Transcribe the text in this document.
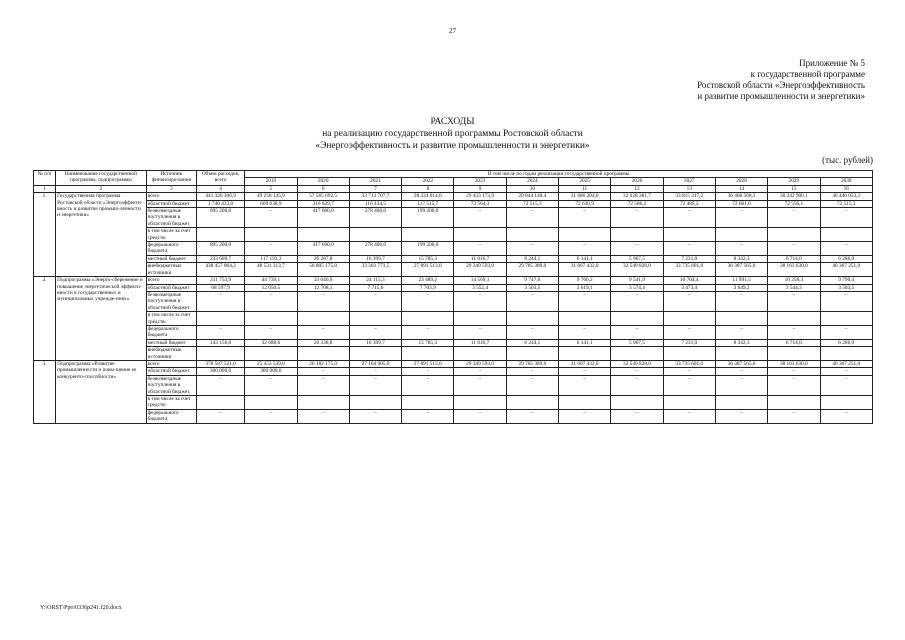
27
Приложение № 5
к государственной программе
Ростовской области «Энергоэффективность
и развитие промышленности и энергетики»
РАСХОДЫ
на реализацию государственной программы Ростовской области
«Энергоэффективность и развитие промышленности и энергетики»
(тыс. рублей)
№ п/п	Наименование государственной программы, подпрограммы	Источник финансиро-вания	Объем расходов, всего	В том числе по годам реализации государственной программы											
				2019	2020	2021	2022	2023	2024	2025	2026	2027	2028	2029	2030
1	2	3	4	5	6	7	8	9	10	11	12	13	14	15	16
1.	Государственная программа Ростовской области «Энергоэффекти-вность и развитие промыш-ленности и энергетики»	всего	441 326 306,9	49 258 145,9	57 565 692,5	33 713 707,7	28 224 014,0	29 433 173,9	29 844 148,4	31 686 204,0	32 628 381,7	33 815 317,2	36 468 568,3	38 242 900,1	40 446 053,2
		областной бюджет	1 740 433,0	609 638,9	316 629,7	116 434,5	117 515,7	73 564,3	72 515,3	72 630,9	72 586,2	72 485,2	72 661,0	72 556,1	72 515,3
		безвозмездные поступления в областной бюджет	895 200,0	–	417 600,0	278 400,0	199 200,0	–	–	–	–	–	–	–	–
		в том числе за счет средств:													
		федерального бюджета	895 200,0	–	417 600,0	278 400,0	199 200,0	–	–	–	–	–	–	–	–
		местный бюджет	233 609,7	117 193,3	26 287,8	16 399,7	15 785,3	11 016,7	6 244,1	6 141,1	5 967,5	7 231,0	8 342,3	6 714,0	6 286,9
		внебюджетные источники	438 457 064,2	48 531 313,7	56 805 175,0	33 302 773,5	27 891 513,0	29 349 593,0	29 765 389,0	31 607 432,0	32 549 828,0	33 735 601,0	36 387 565,0	38 163 630,0	40 367 251,0
2.	Подпрограмма «Энерго-сбережение и повышение энергетической эффекти-вности в государственных и муниципальных учрежде-ниях»	всего	211 753,9	44 739,1	33 046,9	24 115,3	23 489,2	14 569,1	9 747,6	9 760,2	9 541,9	10 704,4	11 991,5	10 258,3	9 790,4
		областной бюджет	68 597,9	12 050,5	12 708,1	7 715,6	7 703,9	3 552,4	3 503,5	3 619,1	3 574,4	3 473,4	3 649,2	3 544,3	3 503,5
		безвозмездные поступления в областной бюджет	–	–	–	–	–	–	–	–	–	–	–	–	–
		в том числе за счет средств:													
		федерального бюджета	–	–	–	–	–	–	–	–	–	–	–	–	–
		местный бюджет	143 156,0	32 688,6	20 338,8	16 399,7	15 785,3	11 016,7	6 244,1	6 141,1	5 967,5	7 231,0	8 342,3	6 714,0	6 286,9
		внебюджетные источники													
3.	Подпрограмма «Развитие промышленности и повы-шение ее конкуренто-способности»	всего	378 587 521,0	25 453 539,0	26 182 175,0	27 104 905,0	27 891 513,0	29 349 593,0	29 765 389,0	31 607 432,0	32 549 828,0	33 735 601,0	36 387 565,0	38 163 630,0	40 367 251,0
		областной бюджет	300 000,0	300 000,0	–	–	–	–	–	–	–	–	–	–	–
		безвозмездные поступления в областной бюджет,	–	–	–	–	–	–	–	–	–	–	–	–	–
		в том числе за счет средств:													
		федерального бюджета	–	–	–	–	–	–	–	–	–	–	–	–	–
Y:\ORST\Ppo\0336p241.f20.docx
